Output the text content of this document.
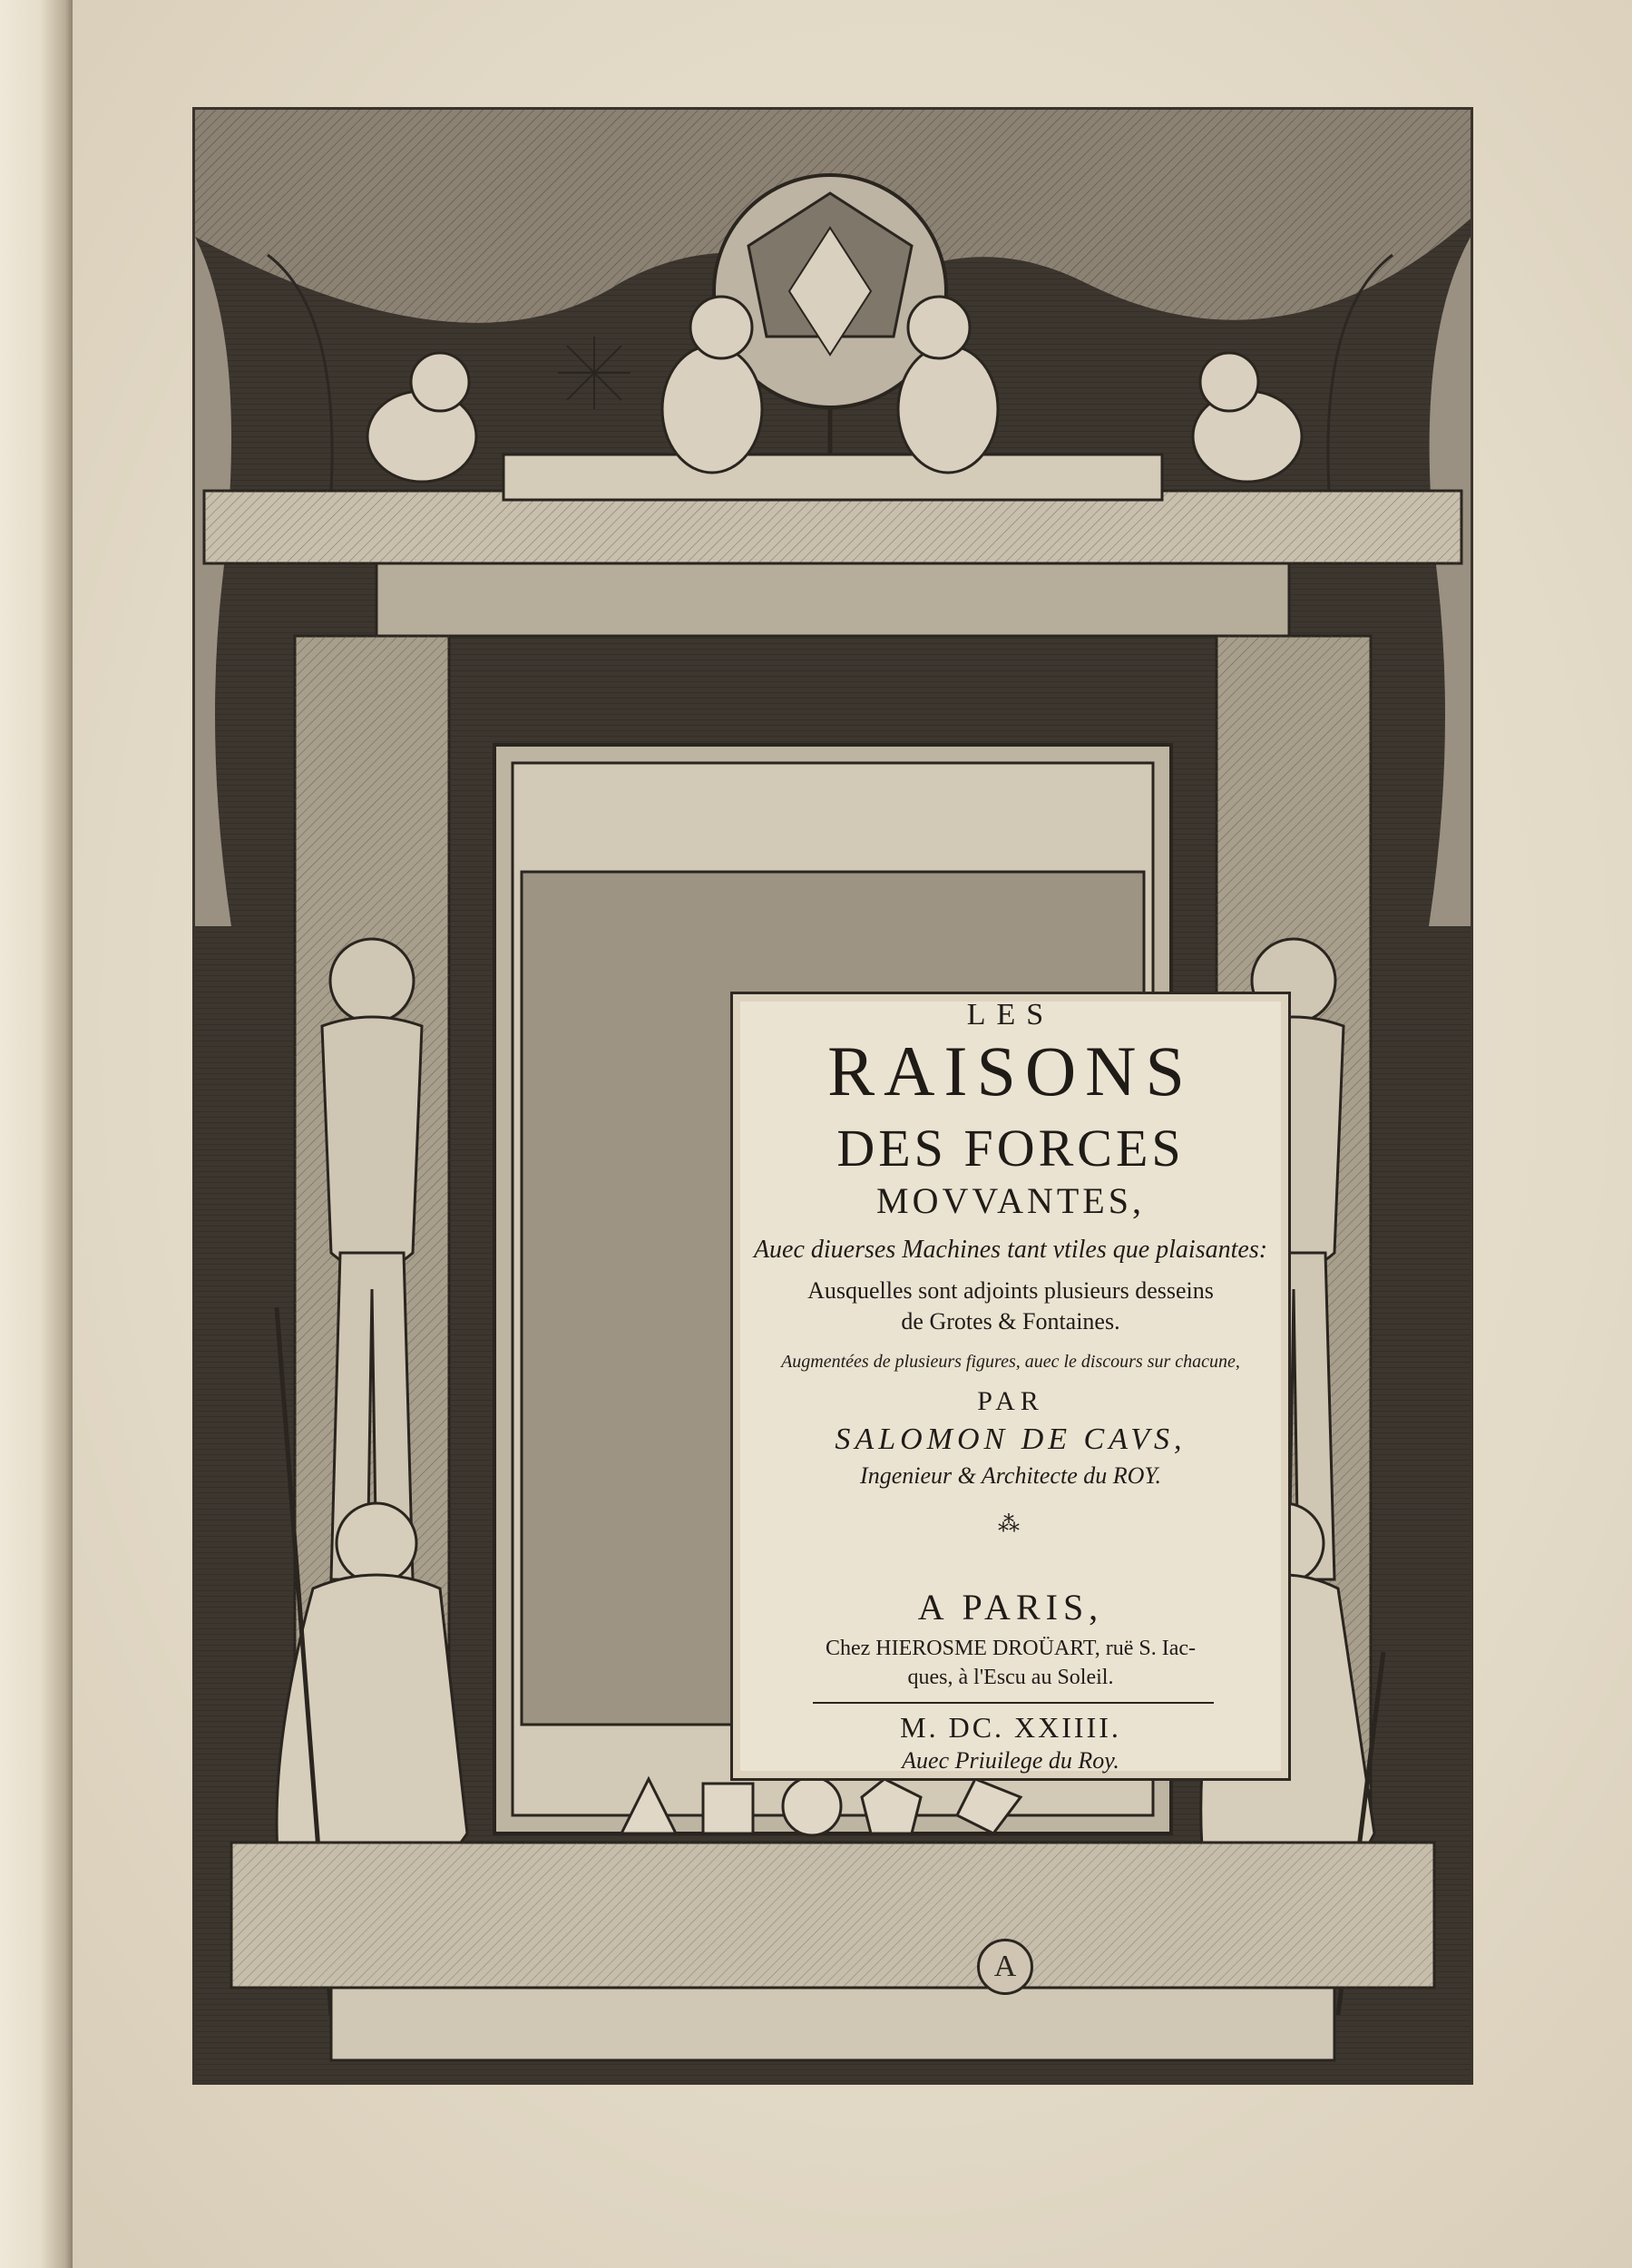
A
LES
RAISONS
DES FORCES
MOVVANTES,
Auec diuerses Machines tant vtiles que plaisantes:
Ausquelles sont adjoints plusieurs desseins
de Grotes & Fontaines.
Augmentées de plusieurs figures, auec le discours sur chacune,
PAR
SALOMON DE CAVS,
Ingenieur & Architecte du ROY.
⁂
A PARIS,
Chez HIEROSME DROÜART, ruë S. Iac-
ques, à l'Escu au Soleil.
M. DC. XXIIII.
Auec Priuilege du Roy.
